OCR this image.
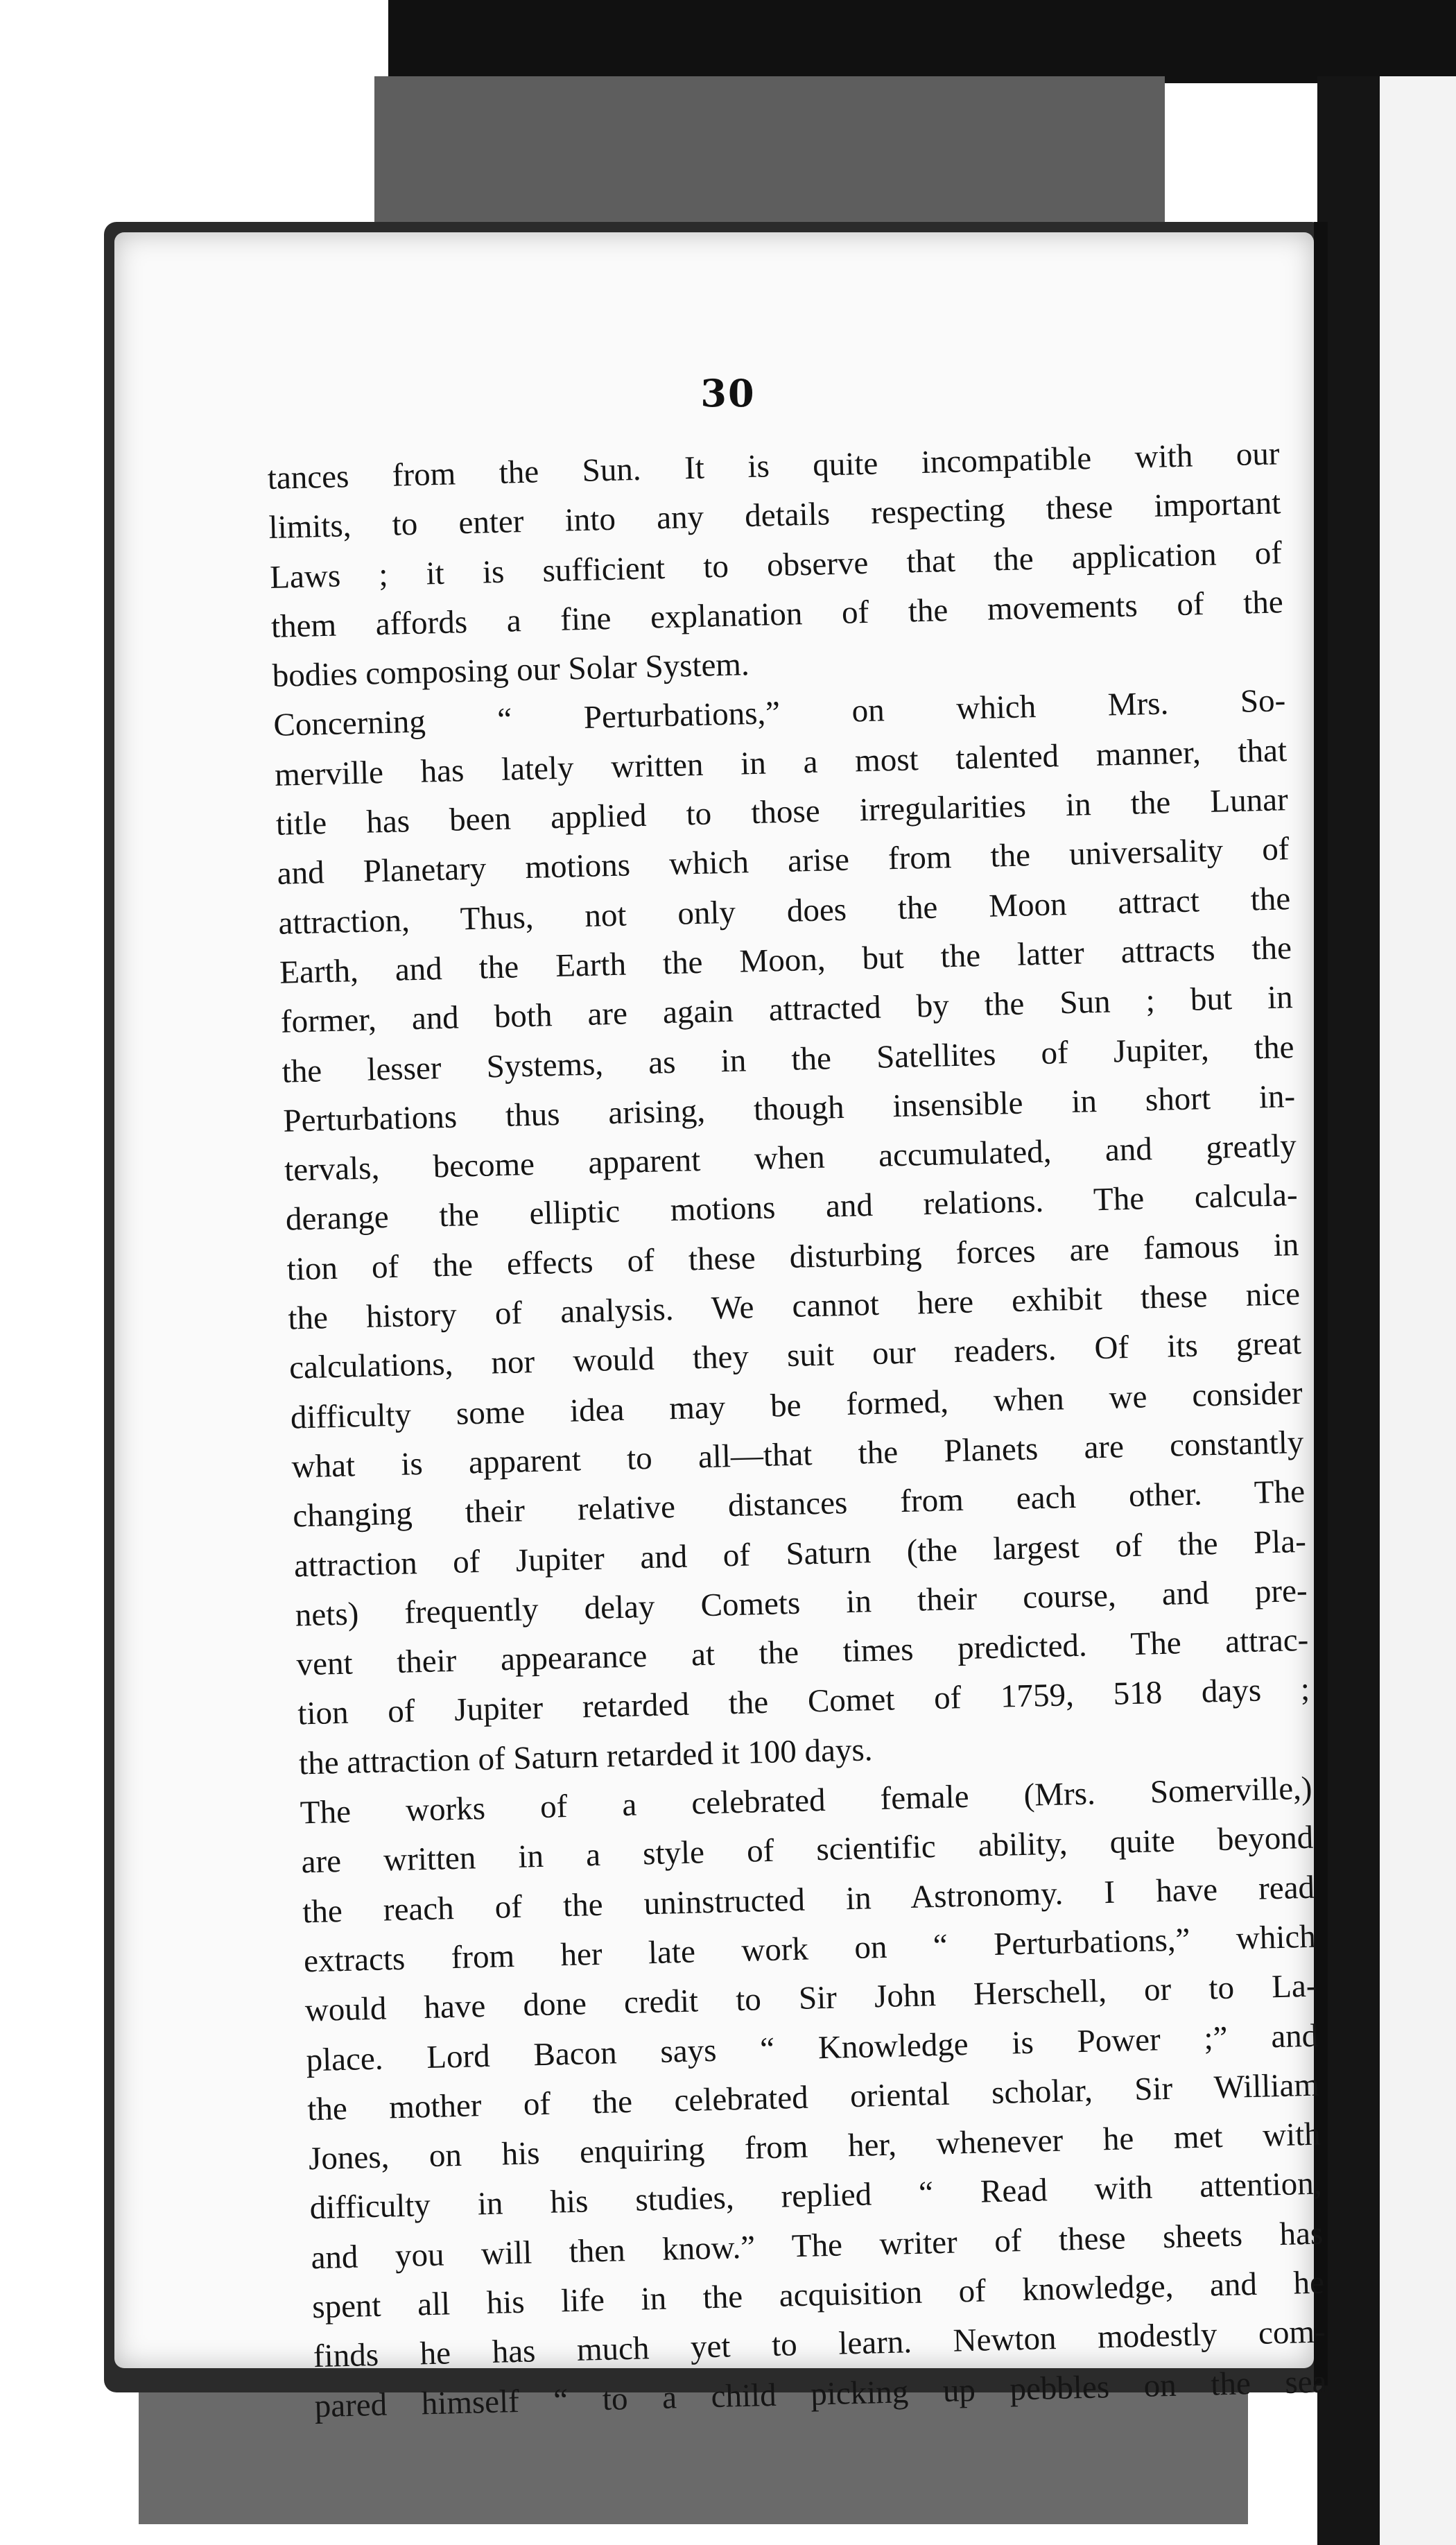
30
tances from the Sun. It is quite incompatible with our
limits, to enter into any details respecting these important
Laws ; it is sufficient to observe that the application of
them affords a fine explanation of the movements of the
bodies composing our Solar System.
Concerning “ Perturbations,” on which Mrs. So-
merville has lately written in a most talented manner, that
title has been applied to those irregularities in the Lunar
and Planetary motions which arise from the universality of
attraction, Thus, not only does the Moon attract the
Earth, and the Earth the Moon, but the latter attracts the
former, and both are again attracted by the Sun ; but in
the lesser Systems, as in the Satellites of Jupiter, the
Perturbations thus arising, though insensible in short in-
tervals, become apparent when accumulated, and greatly
derange the elliptic motions and relations. The calcula-
tion of the effects of these disturbing forces are famous in
the history of analysis. We cannot here exhibit these nice
calculations, nor would they suit our readers. Of its great
difficulty some idea may be formed, when we consider
what is apparent to all—that the Planets are constantly
changing their relative distances from each other. The
attraction of Jupiter and of Saturn (the largest of the Pla-
nets) frequently delay Comets in their course, and pre-
vent their appearance at the times predicted. The attrac-
tion of Jupiter retarded the Comet of 1759, 518 days ;
the attraction of Saturn retarded it 100 days.
The works of a celebrated female (Mrs. Somerville,)
are written in a style of scientific ability, quite beyond
the reach of the uninstructed in Astronomy. I have read
extracts from her late work on “ Perturbations,” which
would have done credit to Sir John Herschell, or to La-
place. Lord Bacon says “ Knowledge is Power ;” and
the mother of the celebrated oriental scholar, Sir William
Jones, on his enquiring from her, whenever he met with
difficulty in his studies, replied “ Read with attention,
and you will then know.” The writer of these sheets has
spent all his life in the acquisition of knowledge, and he
finds he has much yet to learn. Newton modestly com-
pared himself “ to a child picking up pebbles on the sea
